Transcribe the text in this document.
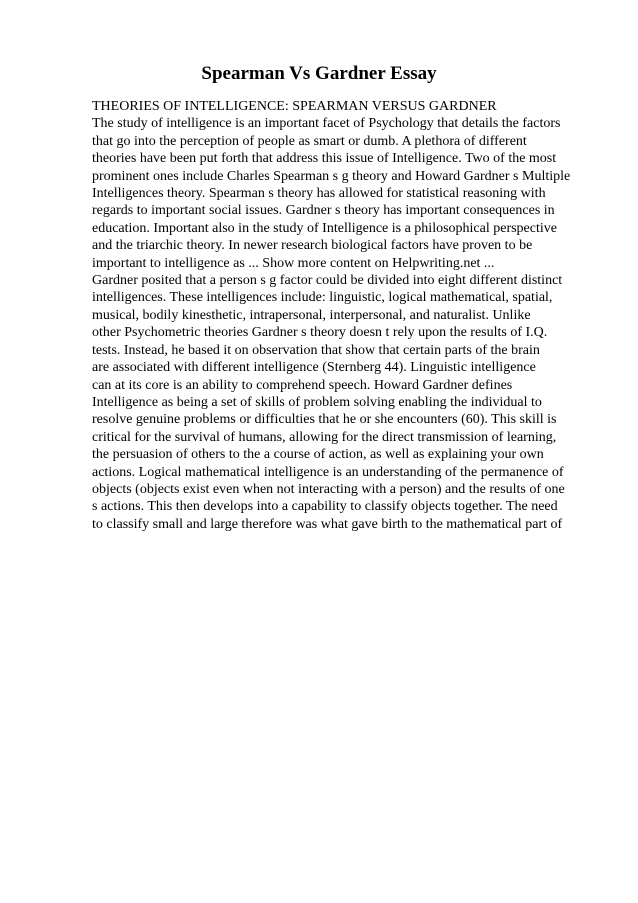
Spearman Vs Gardner Essay
THEORIES OF INTELLIGENCE: SPEARMAN VERSUS GARDNER
The study of intelligence is an important facet of Psychology that details the factors
that go into the perception of people as smart or dumb. A plethora of different
theories have been put forth that address this issue of Intelligence. Two of the most
prominent ones include Charles Spearman s g theory and Howard Gardner s Multiple
Intelligences theory. Spearman s theory has allowed for statistical reasoning with
regards to important social issues. Gardner s theory has important consequences in
education. Important also in the study of Intelligence is a philosophical perspective
and the triarchic theory. In newer research biological factors have proven to be
important to intelligence as ... Show more content on Helpwriting.net ...
Gardner posited that a person s g factor could be divided into eight different distinct
intelligences. These intelligences include: linguistic, logical mathematical, spatial,
musical, bodily kinesthetic, intrapersonal, interpersonal, and naturalist. Unlike
other Psychometric theories Gardner s theory doesn t rely upon the results of I.Q.
tests. Instead, he based it on observation that show that certain parts of the brain
are associated with different intelligence (Sternberg 44). Linguistic intelligence
can at its core is an ability to comprehend speech. Howard Gardner defines
Intelligence as being a set of skills of problem solving enabling the individual to
resolve genuine problems or difficulties that he or she encounters (60). This skill is
critical for the survival of humans, allowing for the direct transmission of learning,
the persuasion of others to the a course of action, as well as explaining your own
actions. Logical mathematical intelligence is an understanding of the permanence of
objects (objects exist even when not interacting with a person) and the results of one
s actions. This then develops into a capability to classify objects together. The need
to classify small and large therefore was what gave birth to the mathematical part of
